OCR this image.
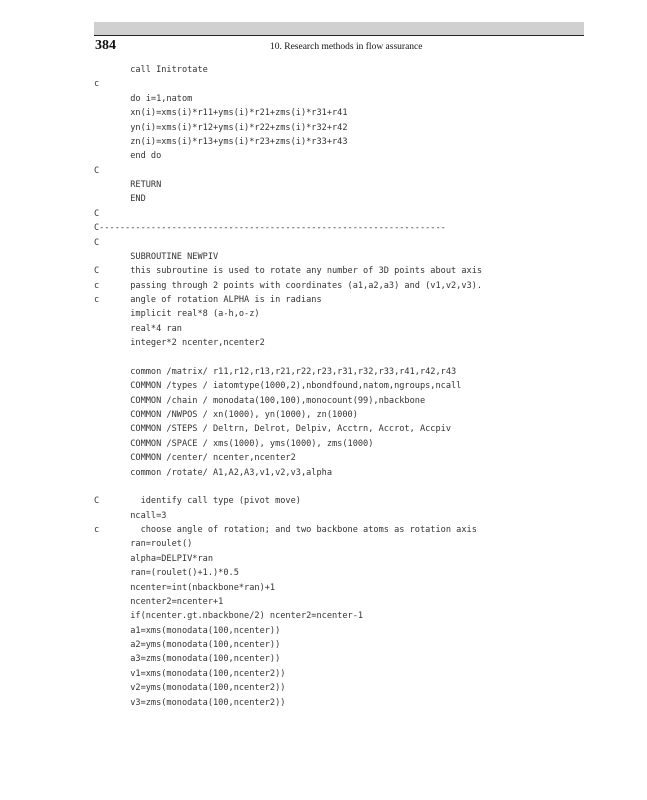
384	10. Research methods in flow assurance
call Initrotate
c
do i=1,natom
xn(i)=xms(i)*r11+yms(i)*r21+zms(i)*r31+r41
yn(i)=xms(i)*r12+yms(i)*r22+zms(i)*r32+r42
zn(i)=xms(i)*r13+yms(i)*r23+zms(i)*r33+r43
end do
C
RETURN
END
C
C-------------------------------------------------------------------
C
SUBROUTINE NEWPIV
C      this subroutine is used to rotate any number of 3D points about axis
c      passing through 2 points with coordinates (a1,a2,a3) and (v1,v2,v3).
c      angle of rotation ALPHA is in radians
implicit real*8 (a-h,o-z)
real*4 ran
integer*2 ncenter,ncenter2
common /matrix/ r11,r12,r13,r21,r22,r23,r31,r32,r33,r41,r42,r43
COMMON /types / iatomtype(1000,2),nbondfound,natom,ngroups,ncall
COMMON /chain / monodata(100,100),monocount(99),nbackbone
COMMON /NWPOS / xn(1000), yn(1000), zn(1000)
COMMON /STEPS / Deltrn, Delrot, Delpiv, Acctrn, Accrot, Accpiv
COMMON /SPACE / xms(1000), yms(1000), zms(1000)
COMMON /center/ ncenter,ncenter2
common /rotate/ A1,A2,A3,v1,v2,v3,alpha
C        identify call type (pivot move)
ncall=3
c        choose angle of rotation; and two backbone atoms as rotation axis
ran=roulet()
alpha=DELPIV*ran
ran=(roulet()+1.)*0.5
ncenter=int(nbackbone*ran)+1
ncenter2=ncenter+1
if(ncenter.gt.nbackbone/2) ncenter2=ncenter-1
a1=xms(monodata(100,ncenter))
a2=yms(monodata(100,ncenter))
a3=zms(monodata(100,ncenter))
v1=xms(monodata(100,ncenter2))
v2=yms(monodata(100,ncenter2))
v3=zms(monodata(100,ncenter2))
